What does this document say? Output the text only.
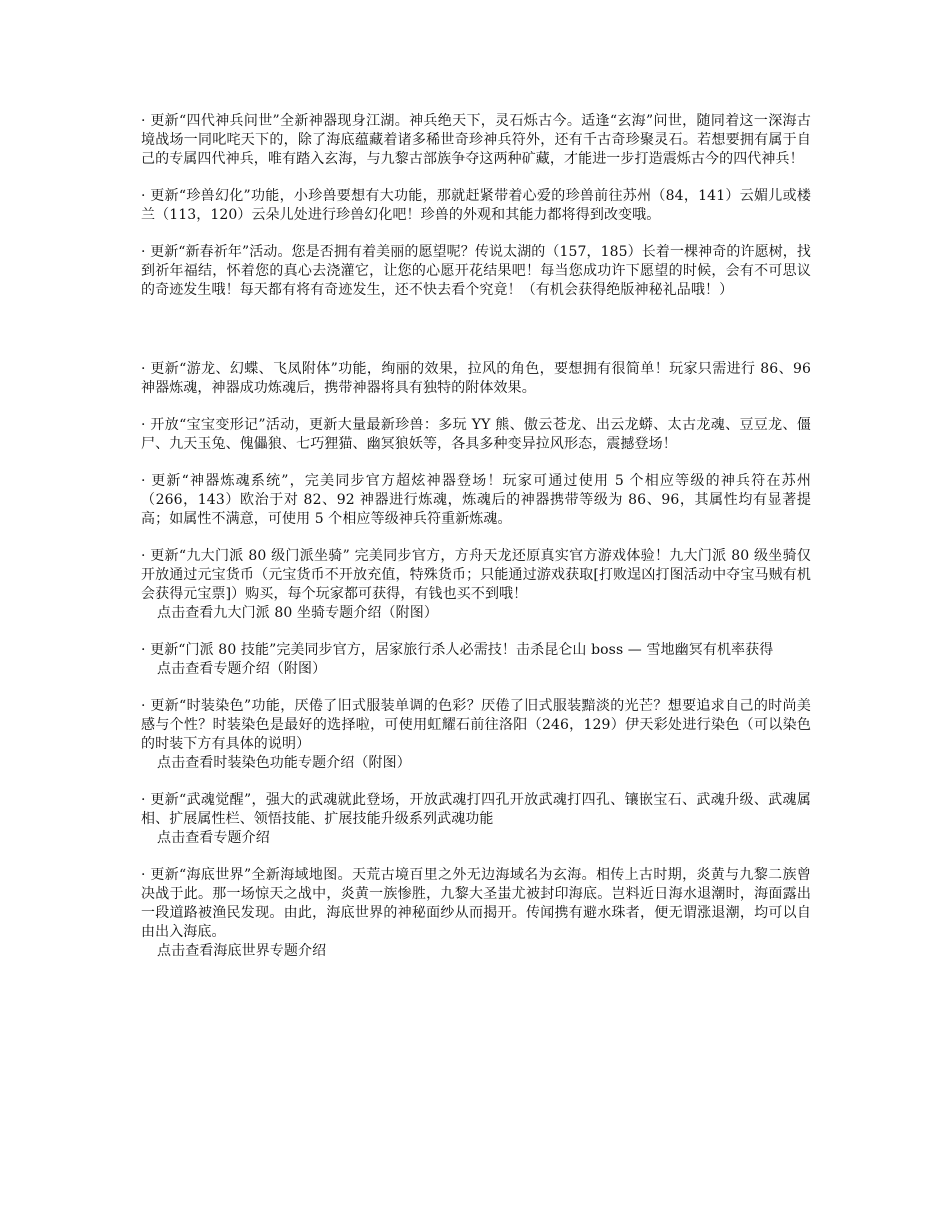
· 更新“四代神兵问世”全新神器现身江湖。神兵绝天下，灵石烁古今。适逢“玄海”问世，随同着这一深海古境战场一同叱咤天下的，除了海底蕴藏着诸多稀世奇珍神兵符外，还有千古奇珍聚灵石。若想要拥有属于自己的专属四代神兵，唯有踏入玄海，与九黎古部族争夺这两种矿藏，才能进一步打造震烁古今的四代神兵！

· 更新“珍兽幻化”功能，小珍兽要想有大功能，那就赶紧带着心爱的珍兽前往苏州（84，141）云媚儿或楼兰（113，120）云朵儿处进行珍兽幻化吧！珍兽的外观和其能力都将得到改变哦。

· 更新“新春祈年”活动。您是否拥有着美丽的愿望呢？传说太湖的（157，185）长着一棵神奇的许愿树，找到祈年福结，怀着您的真心去浇灌它，让您的心愿开花结果吧！每当您成功许下愿望的时候，会有不可思议的奇迹发生哦！每天都有将有奇迹发生，还不快去看个究竟！（有机会获得绝版神秘礼品哦！）

· 更新“游龙、幻蝶、飞凤附体”功能，绚丽的效果，拉风的角色，要想拥有很简单！玩家只需进行 86、96 神器炼魂，神器成功炼魂后，携带神器将具有独特的附体效果。

· 开放“宝宝变形记”活动，更新大量最新珍兽：多玩 YY 熊、傲云苍龙、出云龙蟒、太古龙魂、豆豆龙、僵尸、九天玉兔、傀儡狼、七巧狸猫、幽冥狼妖等，各具多种变异拉风形态，震撼登场！

· 更新“神器炼魂系统”，完美同步官方超炫神器登场！玩家可通过使用 5 个相应等级的神兵符在苏州（266，143）欧治于对 82、92 神器进行炼魂，炼魂后的神器携带等级为 86、96，其属性均有显著提高；如属性不满意，可使用 5 个相应等级神兵符重新炼魂。

· 更新“九大门派 80 级门派坐骑” 完美同步官方，方舟天龙还原真实官方游戏体验！九大门派 80 级坐骑仅开放通过元宝货币（元宝货币不开放充值，特殊货币；只能通过游戏获取[打败逞凶打图活动中夺宝马贼有机会获得元宝票]）购买，每个玩家都可获得，有钱也买不到哦！

点击查看九大门派 80 坐骑专题介绍（附图）

· 更新“门派 80 技能”完美同步官方，居家旅行杀人必需技！击杀昆仑山 boss — 雪地幽冥有机率获得

点击查看专题介绍（附图）

· 更新“时装染色”功能，厌倦了旧式服装单调的色彩？厌倦了旧式服装黯淡的光芒？想要追求自己的时尚美感与个性？时装染色是最好的选择啦，可使用虹耀石前往洛阳（246，129）伊天彩处进行染色（可以染色的时装下方有具体的说明）

点击查看时装染色功能专题介绍（附图）

· 更新“武魂觉醒”，强大的武魂就此登场，开放武魂打四孔开放武魂打四孔、镶嵌宝石、武魂升级、武魂属相、扩展属性栏、领悟技能、扩展技能升级系列武魂功能

点击查看专题介绍

· 更新“海底世界”全新海域地图。天荒古境百里之外无边海域名为玄海。相传上古时期，炎黄与九黎二族曾决战于此。那一场惊天之战中，炎黄一族惨胜，九黎大圣蚩尤被封印海底。岂料近日海水退潮时，海面露出一段道路被渔民发现。由此，海底世界的神秘面纱从而揭开。传闻携有避水珠者，便无谓涨退潮，均可以自由出入海底。

点击查看海底世界专题介绍
